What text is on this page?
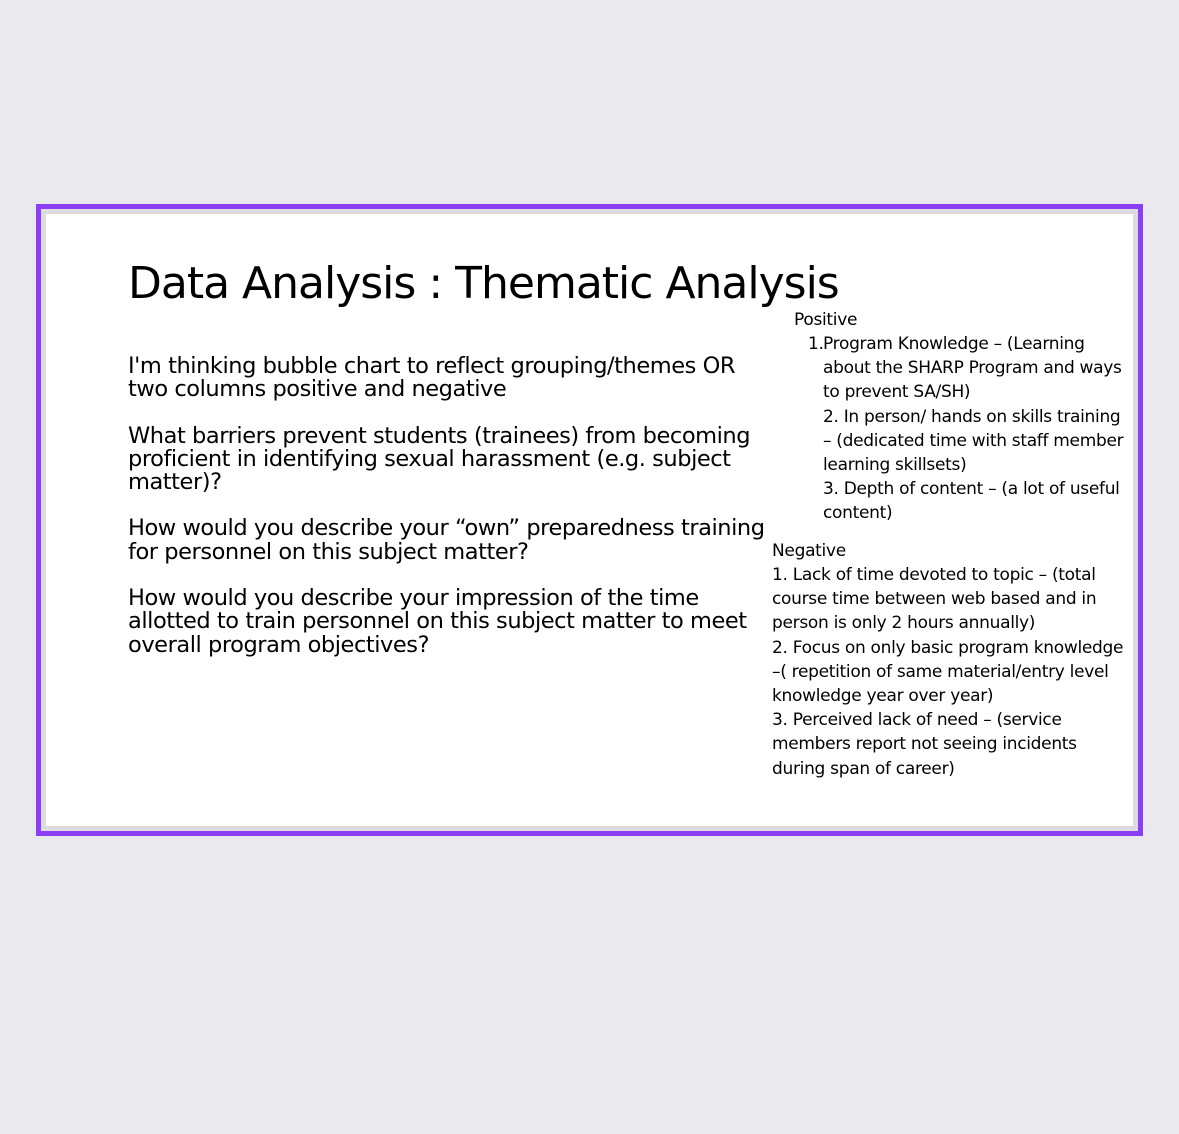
Data Analysis : Thematic Analysis
I'm thinking bubble chart to reflect grouping/themes OR two columns positive and negative
What barriers prevent students (trainees) from becoming proficient in identifying sexual harassment (e.g. subject matter)?
How would you describe your “own” preparedness training for personnel on this subject matter?
How would you describe your impression of the time allotted to train personnel on this subject matter to meet overall program objectives?
Positive
1. Program Knowledge – (Learning about the SHARP Program and ways to prevent SA/SH)
2. In person/ hands on skills training – (dedicated time with staff member learning skillsets)
3. Depth of content – (a lot of useful content)
Negative
1. Lack of time devoted to topic – (total course time between web based and in person is only 2 hours annually)
2. Focus on only basic program knowledge –( repetition of same material/entry level knowledge year over year)
3. Perceived lack of need – (service members report not seeing incidents during span of career)
